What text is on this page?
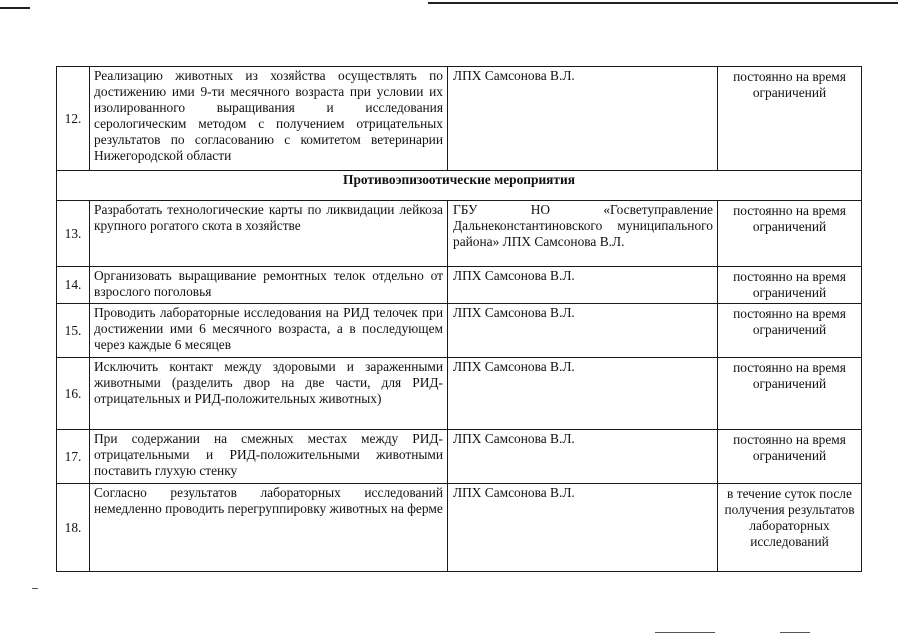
12.	Реализацию животных из хозяйства осуществлять по достижению ими 9-ти месячного возраста при условии их изолированного выращивания и исследования серологическим методом с получением отрицательных результатов по согласованию с комитетом ветеринарии Нижегородской области	ЛПХ Самсонова В.Л.	постоянно на время ограничений
Противоэпизоотические мероприятия			
13.	Разработать технологические карты по ликвидации лейкоза крупного рогатого скота в хозяйстве	ГБУ НО «Госветуправление Дальнеконстантиновского муниципального района» ЛПХ Самсонова В.Л.	постоянно на время ограничений
14.	Организовать выращивание ремонтных телок отдельно от взрослого поголовья	ЛПХ Самсонова В.Л.	постоянно на время ограничений
15.	Проводить лабораторные исследования на РИД телочек при достижении ими 6 месячного возраста, а в последующем через каждые 6 месяцев	ЛПХ Самсонова В.Л.	постоянно на время ограничений
16.	Исключить контакт между здоровыми и зараженными животными (разделить двор на две части, для РИД-отрицательных и РИД-положительных животных)	ЛПХ Самсонова В.Л.	постоянно на время ограничений
17.	При содержании на смежных местах между РИД-отрицательными и РИД-положительными животными поставить глухую стенку	ЛПХ Самсонова В.Л.	постоянно на время ограничений
18.	Согласно результатов лабораторных исследований немедленно проводить перегруппировку животных на ферме	ЛПХ Самсонова В.Л.	в течение суток после получения результатов лабораторных исследований
